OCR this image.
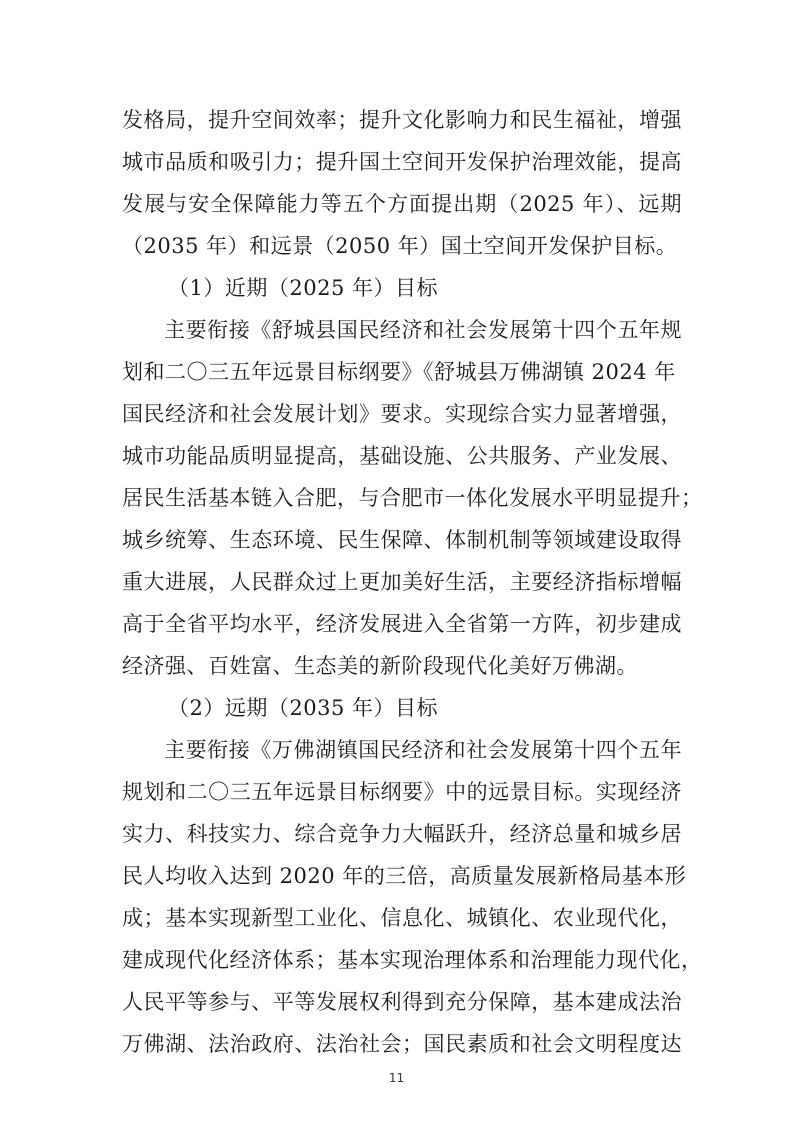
发格局，提升空间效率；提升文化影响力和民生福祉，增强
城市品质和吸引力；提升国土空间开发保护治理效能，提高
发展与安全保障能力等五个方面提出期（2025 年）、远期
（2035 年）和远景（2050 年）国土空间开发保护目标。
（1）近期（2025 年）目标
主要衔接《舒城县国民经济和社会发展第十四个五年规
划和二〇三五年远景目标纲要》《舒城县万佛湖镇 2024 年
国民经济和社会发展计划》要求。实现综合实力显著增强，
城市功能品质明显提高，基础设施、公共服务、产业发展、
居民生活基本链入合肥，与合肥市一体化发展水平明显提升；
城乡统筹、生态环境、民生保障、体制机制等领域建设取得
重大进展，人民群众过上更加美好生活，主要经济指标增幅
高于全省平均水平，经济发展进入全省第一方阵，初步建成
经济强、百姓富、生态美的新阶段现代化美好万佛湖。
（2）远期（2035 年）目标
主要衔接《万佛湖镇国民经济和社会发展第十四个五年
规划和二〇三五年远景目标纲要》中的远景目标。实现经济
实力、科技实力、综合竞争力大幅跃升，经济总量和城乡居
民人均收入达到 2020 年的三倍，高质量发展新格局基本形
成；基本实现新型工业化、信息化、城镇化、农业现代化，
建成现代化经济体系；基本实现治理体系和治理能力现代化，
人民平等参与、平等发展权利得到充分保障，基本建成法治
万佛湖、法治政府、法治社会；国民素质和社会文明程度达
11
